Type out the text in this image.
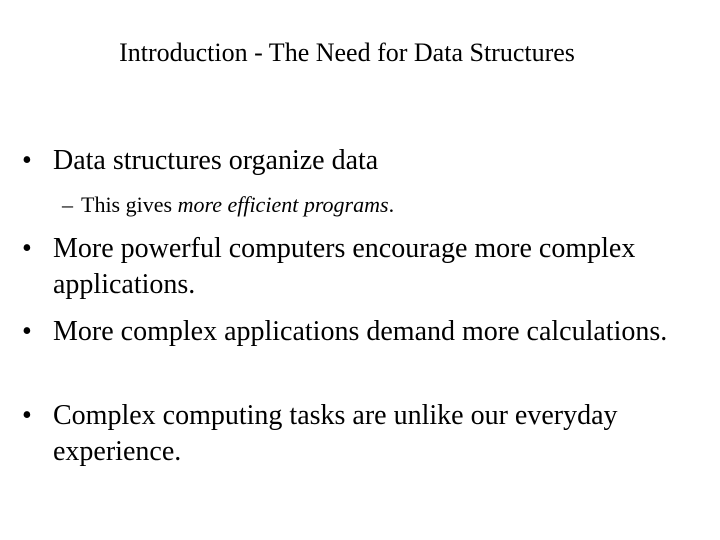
Introduction - The Need for Data Structures
• Data structures organize data
– This gives more efficient programs.
• More powerful computers encourage more complex applications.
• More complex applications demand more calculations.
• Complex computing tasks are unlike our everyday experience.
